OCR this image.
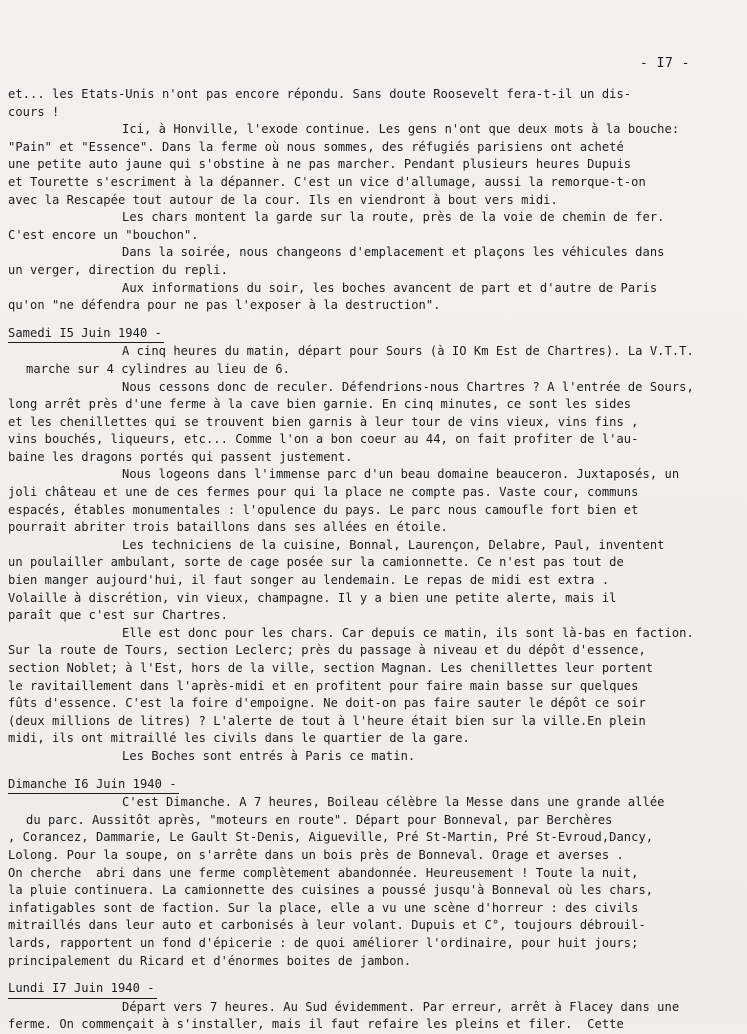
- I7 -
et... les Etats-Unis n'ont pas encore répondu. Sans doute Roosevelt fera-t-il un dis-
cours !
Ici, à Honville, l'exode continue. Les gens n'ont que deux mots à la bouche:
"Pain" et "Essence". Dans la ferme où nous sommes, des réfugiés parisiens ont acheté
une petite auto jaune qui s'obstine à ne pas marcher. Pendant plusieurs heures Dupuis
et Tourette s'escriment à la dépanner. C'est un vice d'allumage, aussi la remorque-t-on
avec la Rescapée tout autour de la cour. Ils en viendront à bout vers midi.
Les chars montent la garde sur la route, près de la voie de chemin de fer.
C'est encore un "bouchon".
Dans la soirée, nous changeons d'emplacement et plaçons les véhicules dans
un verger, direction du repli.
Aux informations du soir, les boches avancent de part et d'autre de Paris
qu'on "ne défendra pour ne pas l'exposer à la destruction".
Samedi I5 Juin 1940 -
A cinq heures du matin, départ pour Sours (à IO Km Est de Chartres). La V.T.T.
marche sur 4 cylindres au lieu de 6.
Nous cessons donc de reculer. Défendrions-nous Chartres ? A l'entrée de Sours,
long arrêt près d'une ferme à la cave bien garnie. En cinq minutes, ce sont les sides
et les chenillettes qui se trouvent bien garnis à leur tour de vins vieux, vins fins ,
vins bouchés, liqueurs, etc... Comme l'on a bon coeur au 44, on fait profiter de l'au-
baine les dragons portés qui passent justement.
Nous logeons dans l'immense parc d'un beau domaine beauceron. Juxtaposés, un
joli château et une de ces fermes pour qui la place ne compte pas. Vaste cour, communs
espacés, étables monumentales : l'opulence du pays. Le parc nous camoufle fort bien et
pourrait abriter trois bataillons dans ses allées en étoile.
Les techniciens de la cuisine, Bonnal, Laurençon, Delabre, Paul, inventent
un poulailler ambulant, sorte de cage posée sur la camionnette. Ce n'est pas tout de
bien manger aujourd'hui, il faut songer au lendemain. Le repas de midi est extra .
Volaille à discrétion, vin vieux, champagne. Il y a bien une petite alerte, mais il
paraît que c'est sur Chartres.
Elle est donc pour les chars. Car depuis ce matin, ils sont là-bas en faction.
Sur la route de Tours, section Leclerc; près du passage à niveau et du dépôt d'essence,
section Noblet; à l'Est, hors de la ville, section Magnan. Les chenillettes leur portent
le ravitaillement dans l'après-midi et en profitent pour faire main basse sur quelques
fûts d'essence. C'est la foire d'empoigne. Ne doit-on pas faire sauter le dépôt ce soir
(deux millions de litres) ? L'alerte de tout à l'heure était bien sur la ville.En plein
midi, ils ont mitraillé les civils dans le quartier de la gare.
Les Boches sont entrés à Paris ce matin.
Dimanche I6 Juin 1940 -
C'est Dimanche. A 7 heures, Boileau célèbre la Messe dans une grande allée
du parc. Aussitôt après, "moteurs en route". Départ pour Bonneval, par Berchères
, Corancez, Dammarie, Le Gault St-Denis, Aigueville, Pré St-Martin, Pré St-Evroud,Dancy,
Lolong. Pour la soupe, on s'arrête dans un bois près de Bonneval. Orage et averses .
On cherche  abri dans une ferme complètement abandonnée. Heureusement ! Toute la nuit,
la pluie continuera. La camionnette des cuisines a poussé jusqu'à Bonneval où les chars,
infatigables sont de faction. Sur la place, elle a vu une scène d'horreur : des civils
mitraillés dans leur auto et carbonisés à leur volant. Dupuis et C°, toujours débrouil-
lards, rapportent un fond d'épicerie : de quoi améliorer l'ordinaire, pour huit jours;
principalement du Ricard et d'énormes boites de jambon.
Lundi I7 Juin 1940 -
Départ vers 7 heures. Au Sud évidemment. Par erreur, arrêt à Flacey dans une
ferme. On commençait à s'installer, mais il faut refaire les pleins et filer.  Cette
